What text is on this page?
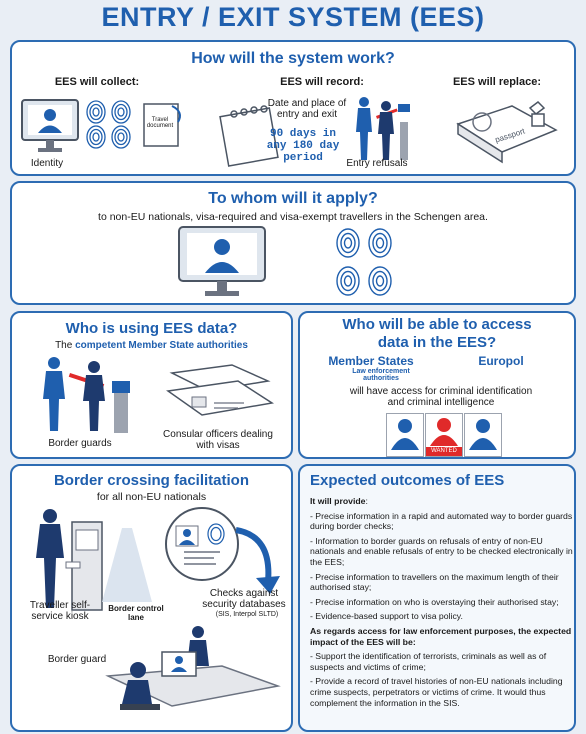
ENTRY / EXIT SYSTEM (EES)
How will the system work?
EES will collect:	EES will record:	EES will replace:
Identity
Travel document
Date and place of entry and exit
90 days in any 180 day period	Entry refusals
passport
To whom will it apply?
to non-EU nationals, visa-required and visa-exempt travellers in the Schengen area.
Who is using EES data?
The competent Member State authorities
Border guards
Consular officers dealing with visas
Who will be able to access data in the EES?
Member States
Law enforcement authorities
Europol
will have access for criminal identification and criminal intelligence
WANTED
Border crossing facilitation
for all non-EU nationals
Traveller self-service kiosk
Checks against security databases
(SIS, Interpol SLTD)
Border control lane
Border guard
Expected outcomes of EES

It will provide:

- Precise information in a rapid and automated way to border guards during border checks;

- Information to border guards on refusals of entry of non-EU nationals and enable refusals of entry to be checked electronically in the EES;

- Precise information to travellers on the maximum length of their authorised stay;

- Precise information on who is overstaying their authorised stay;

- Evidence-based support to visa policy.

As regards access for law enforcement purposes, the expected impact of the EES will be:

- Support the identification of terrorists, criminals as well as of suspects and victims of crime;

- Provide a record of travel histories of non-EU nationals including crime suspects, perpetrators or victims of crime. It would thus complement the information in the SIS.
